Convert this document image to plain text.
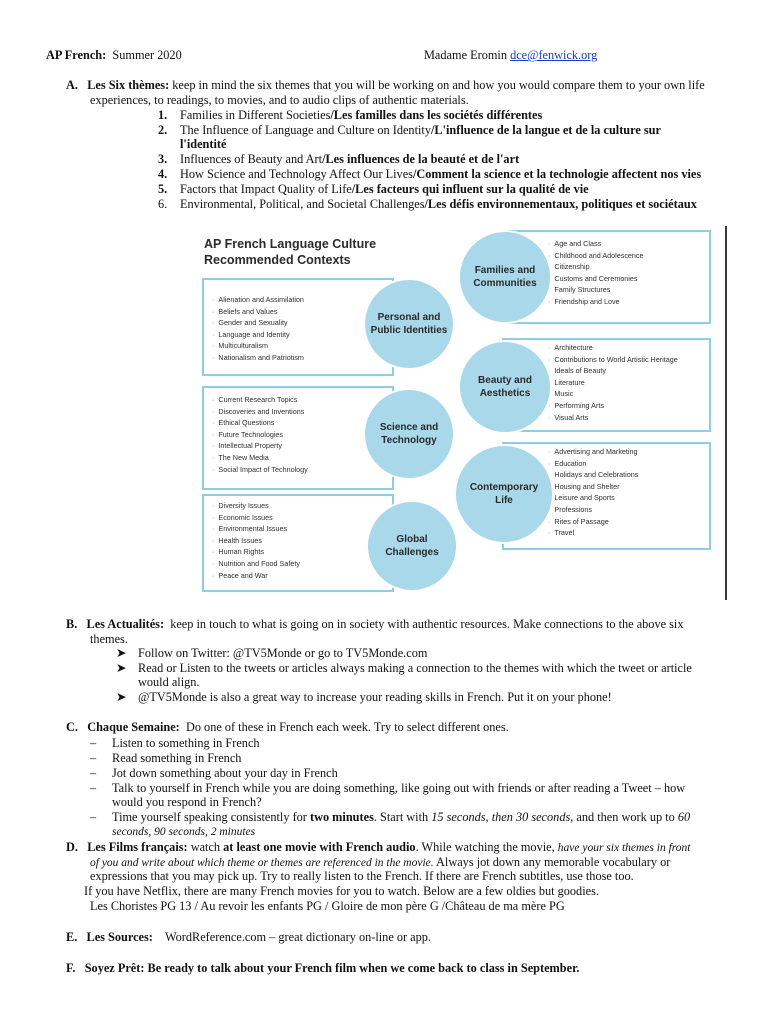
AP French: Summer 2020	Madame Eromin dce@fenwick.org
A. Les Six thèmes: keep in mind the six themes that you will be working on and how you would compare them to your own life
experiences, to readings, to movies, and to audio clips of authentic materials.
1. Families in Different Societies/Les familles dans les sociétés différentes
2. The Influence of Language and Culture on Identity/L'influence de la langue et de la culture sur
l'identité
3. Influences of Beauty and Art/Les influences de la beauté et de l'art
4. How Science and Technology Affect Our Lives/Comment la science et la technologie affectent nos vies
5. Factors that Impact Quality of Life/Les facteurs qui influent sur la qualité de vie
6. Environmental, Political, and Societal Challenges/Les défis environnementaux, politiques et sociétaux
AP French Language Culture
Recommended Contexts
· Alienation and Assimilation
· Beliefs and Values
· Gender and Sexuality
· Language and Identity
· Multiculturalism
· Nationalism and Patriotism
Personal and
Public Identities
· Current Research Topics
· Discoveries and Inventions
· Ethical Questions
· Future Technologies
· Intellectual Property
· The New Media
· Social Impact of Technology
Science and
Technology
· Diversity Issues
· Economic Issues
· Environmental Issues
· Health Issues
· Human Rights
· Nutrition and Food Safety
· Peace and War
Global
Challenges
· Age and Class
· Childhood and Adolescence
· Citizenship
· Customs and Ceremonies
· Family Structures
· Friendship and Love
Families and
Communities
· Architecture
· Contributions to World Artistic Heritage
· Ideals of Beauty
· Literature
· Music
· Performing Arts
· Visual Arts
Beauty and
Aesthetics
· Advertising and Marketing
· Education
· Holidays and Celebrations
· Housing and Shelter
· Leisure and Sports
· Professions
· Rites of Passage
· Travel
Contemporary
Life
B. Les Actualités: keep in touch to what is going on in society with authentic resources. Make connections to the above six
themes.
➤ Follow on Twitter: @TV5Monde or go to TV5Monde.com
➤ Read or Listen to the tweets or articles always making a connection to the themes with which the tweet or article
would align.
➤ @TV5Monde is also a great way to increase your reading skills in French. Put it on your phone!
C. Chaque Semaine: Do one of these in French each week. Try to select different ones.
– Listen to something in French
– Read something in French
– Jot down something about your day in French
– Talk to yourself in French while you are doing something, like going out with friends or after reading a Tweet – how
would you respond in French?
– Time yourself speaking consistently for two minutes. Start with 15 seconds, then 30 seconds, and then work up to 60
seconds, 90 seconds, 2 minutes
D. Les Films français: watch at least one movie with French audio. While watching the movie, have your six themes in front
of you and write about which theme or themes are referenced in the movie. Always jot down any memorable vocabulary or
expressions that you may pick up. Try to really listen to the French. If there are French subtitles, use those too.
If you have Netflix, there are many French movies for you to watch. Below are a few oldies but goodies.
Les Choristes PG 13 / Au revoir les enfants PG / Gloire de mon père G /Château de ma mère PG
E. Les Sources: WordReference.com – great dictionary on-line or app.
F. Soyez Prêt: Be ready to talk about your French film when we come back to class in September.
